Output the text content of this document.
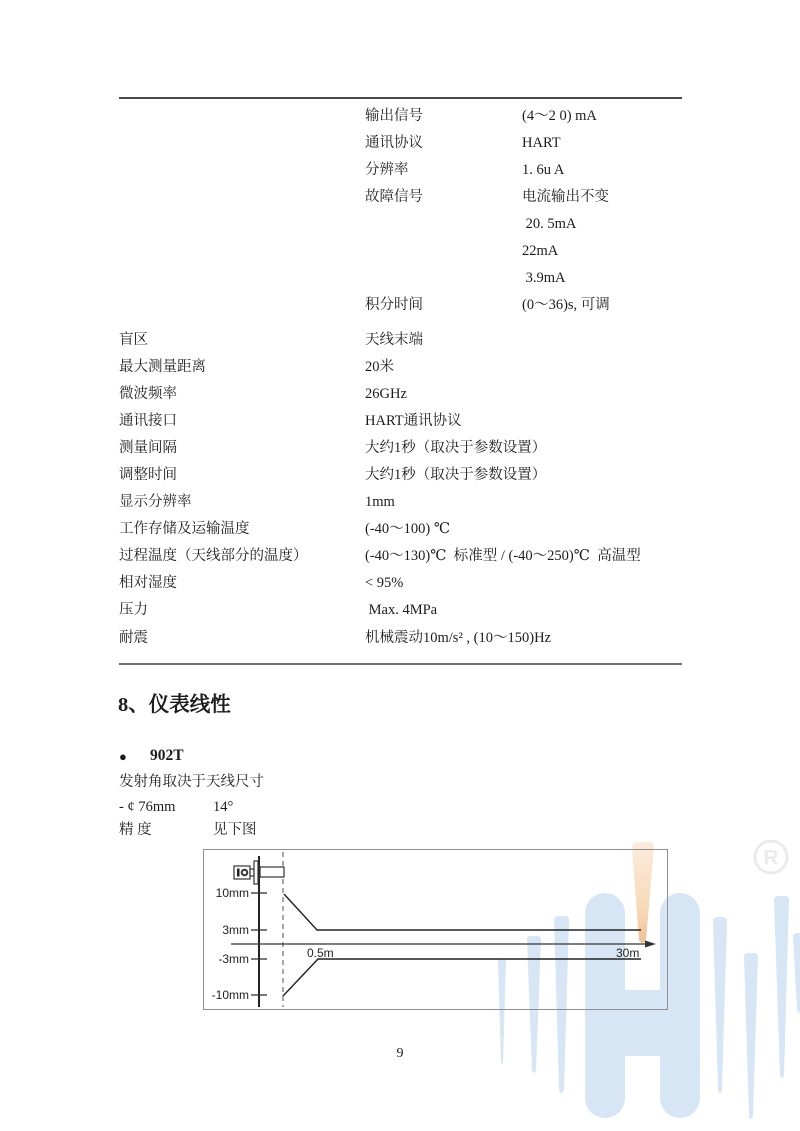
R
输出信号	(4～2 0) mA
通讯协议	HART
分辨率	1. 6u A
故障信号	电流输出不变
20. 5mA
22mA
3.9mA
积分时间	(0～36)s, 可调
盲区	天线末端
最大测量距离	20米
微波频率	26GHz
通讯接口	HART通讯协议
测量间隔	大约1秒（取决于参数设置）
调整时间	大约1秒（取决于参数设置）
显示分辨率	1mm
工作存储及运输温度	(-40～100) ℃
过程温度（天线部分的温度）	(-40～130)℃  标准型 / (-40～250)℃  高温型
相对湿度	< 95%
压力	Max. 4MPa
耐震	机械震动10m/s² , (10～150)Hz
8、仪表线性
● 902T
发射角取决于天线尺寸
- ¢ 76mm	14°
精 度	见下图
10mm
3mm
-3mm
-10mm
0.5m	30m
9
